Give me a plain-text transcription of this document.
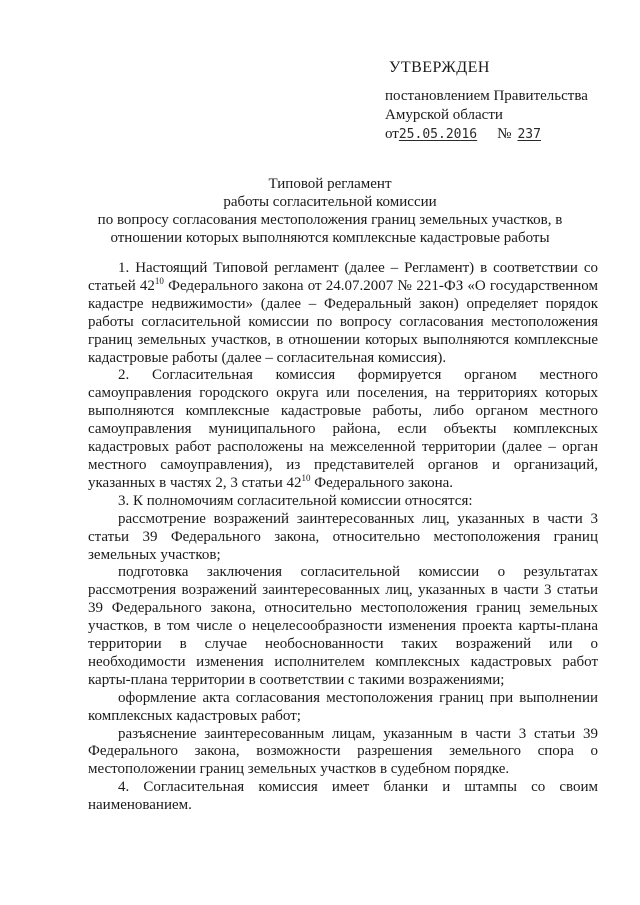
УТВЕРЖДЕН
постановлением Правительства
Амурской области
от25.05.2016 № 237
Типовой регламент
работы согласительной комиссии
по вопросу согласования местоположения границ земельных участков, в
отношении которых выполняются комплексные кадастровые работы

1. Настоящий Типовой регламент (далее – Регламент) в соответствии со статьей $42^{10}$ Федерального закона от 24.07.2007 № 221-ФЗ «О государственном кадастре недвижимости» (далее – Федеральный закон) определяет порядок работы согласительной комиссии по вопросу согласования местоположения границ земельных участков, в отношении которых выполняются комплексные кадастровые работы (далее – согласительная комиссия).

2. Согласительная комиссия формируется органом местного самоуправления городского округа или поселения, на территориях которых выполняются комплексные кадастровые работы, либо органом местного самоуправления муниципального района, если объекты комплексных кадастровых работ расположены на межселенной территории (далее – орган местного самоуправления), из представителей органов и организаций, указанных в частях 2, 3 статьи $42^{10}$ Федерального закона.

3. К полномочиям согласительной комиссии относятся:

рассмотрение возражений заинтересованных лиц, указанных в части 3 статьи 39 Федерального закона, относительно местоположения границ земельных участков;

подготовка заключения согласительной комиссии о результатах рассмотрения возражений заинтересованных лиц, указанных в части 3 статьи 39 Федерального закона, относительно местоположения границ земельных участков, в том числе о нецелесообразности изменения проекта карты-плана территории в случае необоснованности таких возражений или о необходимости изменения исполнителем комплексных кадастровых работ карты-плана территории в соответствии с такими возражениями;

оформление акта согласования местоположения границ при выполнении комплексных кадастровых работ;

разъяснение заинтересованным лицам, указанным в части 3 статьи 39 Федерального закона, возможности разрешения земельного спора о местоположении границ земельных участков в судебном порядке.

4. Согласительная комиссия имеет бланки и штампы со своим наименованием.
